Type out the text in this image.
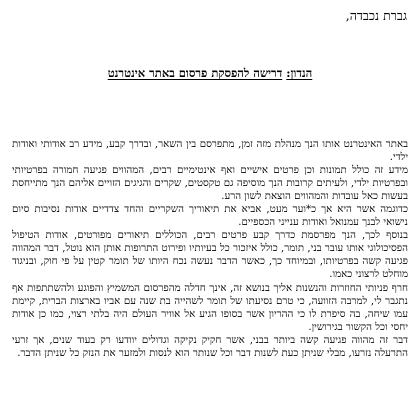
גברת נכבדה,

הנדון: דרישה להפסקת פרסום באתר אינטרנט

באתר האינטרנט אותו הנך מנהלת מזה זמן, מתפרסם בין השאר, ובדרך קבע, מידע רב אודותי ואודות ילדי.

מידע זה כולל תמונות וכן פרטים אישיים ואף אינטימיים רבים, המהווים פגיעה חמורה בפרטיותי ובפרטיות ילדי, ולעיתים קרובות הנך מוסיפה גם טקסטים, שקרים והגיגים הזויים אליהם הנך מתייחסת בעשות כאל עובדות והמהווים הוצאת לשון הרע.

כדוגמה אשר היא אך כ*וער מעט, אביא את תיאוריך השקריים והחד צדדיים אודות נסיבות סיום נישואי לבנך עמנואל ואודות ענייני הכספיים.

בנוסף לכך, הנך מפרסמת כדרך קבע פרטים רבים, הכוללים תיאורים מפורטים, אודות הטיפול הפסיכולוגי אותו עובר בני, תומר, כולל איזכור כל בעיותיו ופירוט התרופות אותן הוא נוטל, דבר המהווה פגיעה קשה בפרטיותו, ובמיוחד כך, כאשר הדבר נעשה נכח היותו של תומר קטין על פי חוק, ובניגוד מוחלט לרצוני כאמו.

חרף פניותי החוזרות והנשנות אליך בנושא זה, אינך חדלה מהפרסום המשמיץ והפוגע ולהשתתפות אף נתגבר לי, למרבה הזוועה, כי טרם נסיעתו של תומר לשהייה בת שנה עם אביו בארצות הברית, קיימת עמו שיחה, בה סיפרת לו כי ההריון אשר בסופו הגיע אל אוויר העולם היה בלתי רצוי, כמו כן אודות יחסי וכל הקשור בגירושין.

דבר זה מהווה פגיעה קשה ביותר בבני, אשר חקיק נקיקה וגדולים יוודעו רק בעוד שנים, אך זרעי התרעלה נזרעו, מבלי שניתן כעת לשנות דבר וכל שנותר הוא לנסות ולמזער את הנזק כל שניתן הדבר.
